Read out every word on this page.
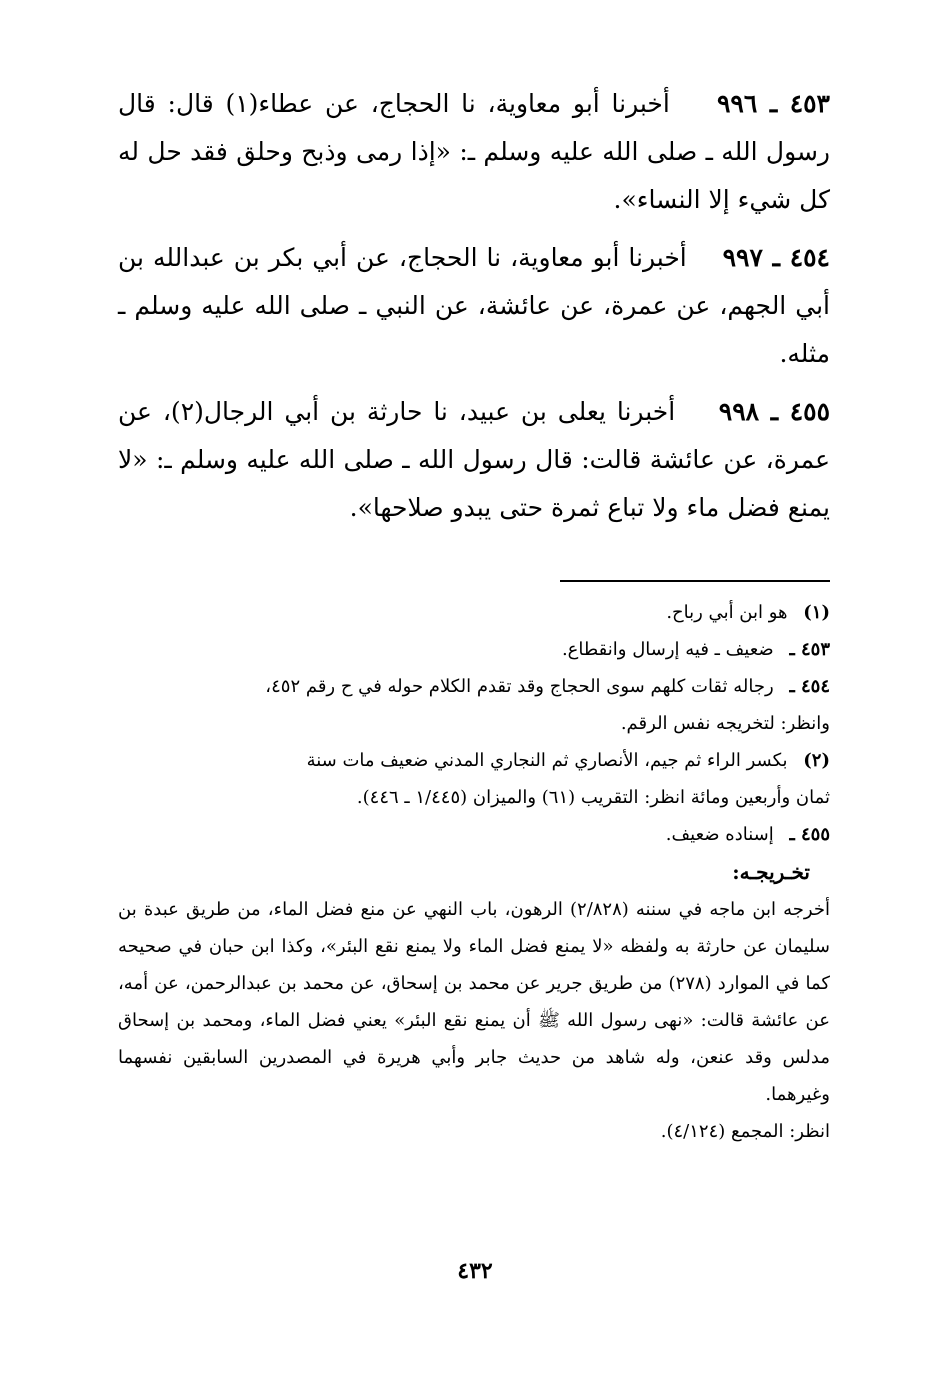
٤٥٣ ـ ٩٩٦    أخبرنا أبو معاوية، نا الحجاج، عن عطاء(١) قال: قال رسول الله ـ صلى الله عليه وسلم ـ: «إذا رمى وذبح وحلق فقد حل له كل شيء إلا النساء».

٤٥٤ ـ ٩٩٧    أخبرنا أبو معاوية، نا الحجاج، عن أبي بكر بن عبدالله بن أبي الجهم، عن عمرة، عن عائشة، عن النبي ـ صلى الله عليه وسلم ـ مثله.

٤٥٥ ـ ٩٩٨    أخبرنا يعلى بن عبيد، نا حارثة بن أبي الرجال(٢)، عن عمرة، عن عائشة قالت: قال رسول الله ـ صلى الله عليه وسلم ـ: «لا يمنع فضل ماء ولا تباع ثمرة حتى يبدو صلاحها».

(١) هو ابن أبي رباح.

٤٥٣ ـ ضعيف ـ فيه إرسال وانقطاع.

٤٥٤ ـ رجاله ثقات كلهم سوى الحجاج وقد تقدم الكلام حوله في ح رقم ٤٥٢،

وانظر: لتخريجه نفس الرقم.

(٢) بكسر الراء ثم جيم، الأنصاري ثم النجاري المدني ضعيف مات سنة

ثمان وأربعين ومائة انظر: التقريب (٦١) والميزان (١/٤٤٥ ـ ٤٤٦).

٤٥٥ ـ إسناده ضعيف.

تخـريجـه:

أخرجه ابن ماجه في سننه (٢/٨٢٨) الرهون، باب النهي عن منع فضل الماء، من طريق عبدة بن سليمان عن حارثة به ولفظه «لا يمنع فضل الماء ولا يمنع نقع البئر»، وكذا ابن حبان في صحيحه كما في الموارد (٢٧٨) من طريق جرير عن محمد بن إسحاق، عن محمد بن عبدالرحمن، عن أمه، عن عائشة قالت: «نهى رسول الله ﷺ أن يمنع نقع البئر» يعني فضل الماء، ومحمد بن إسحاق مدلس وقد عنعن، وله شاهد من حديث جابر وأبي هريرة في المصدرين السابقين نفسهما وغيرهما.

انظر: المجمع (٤/١٢٤).

٤٣٢
